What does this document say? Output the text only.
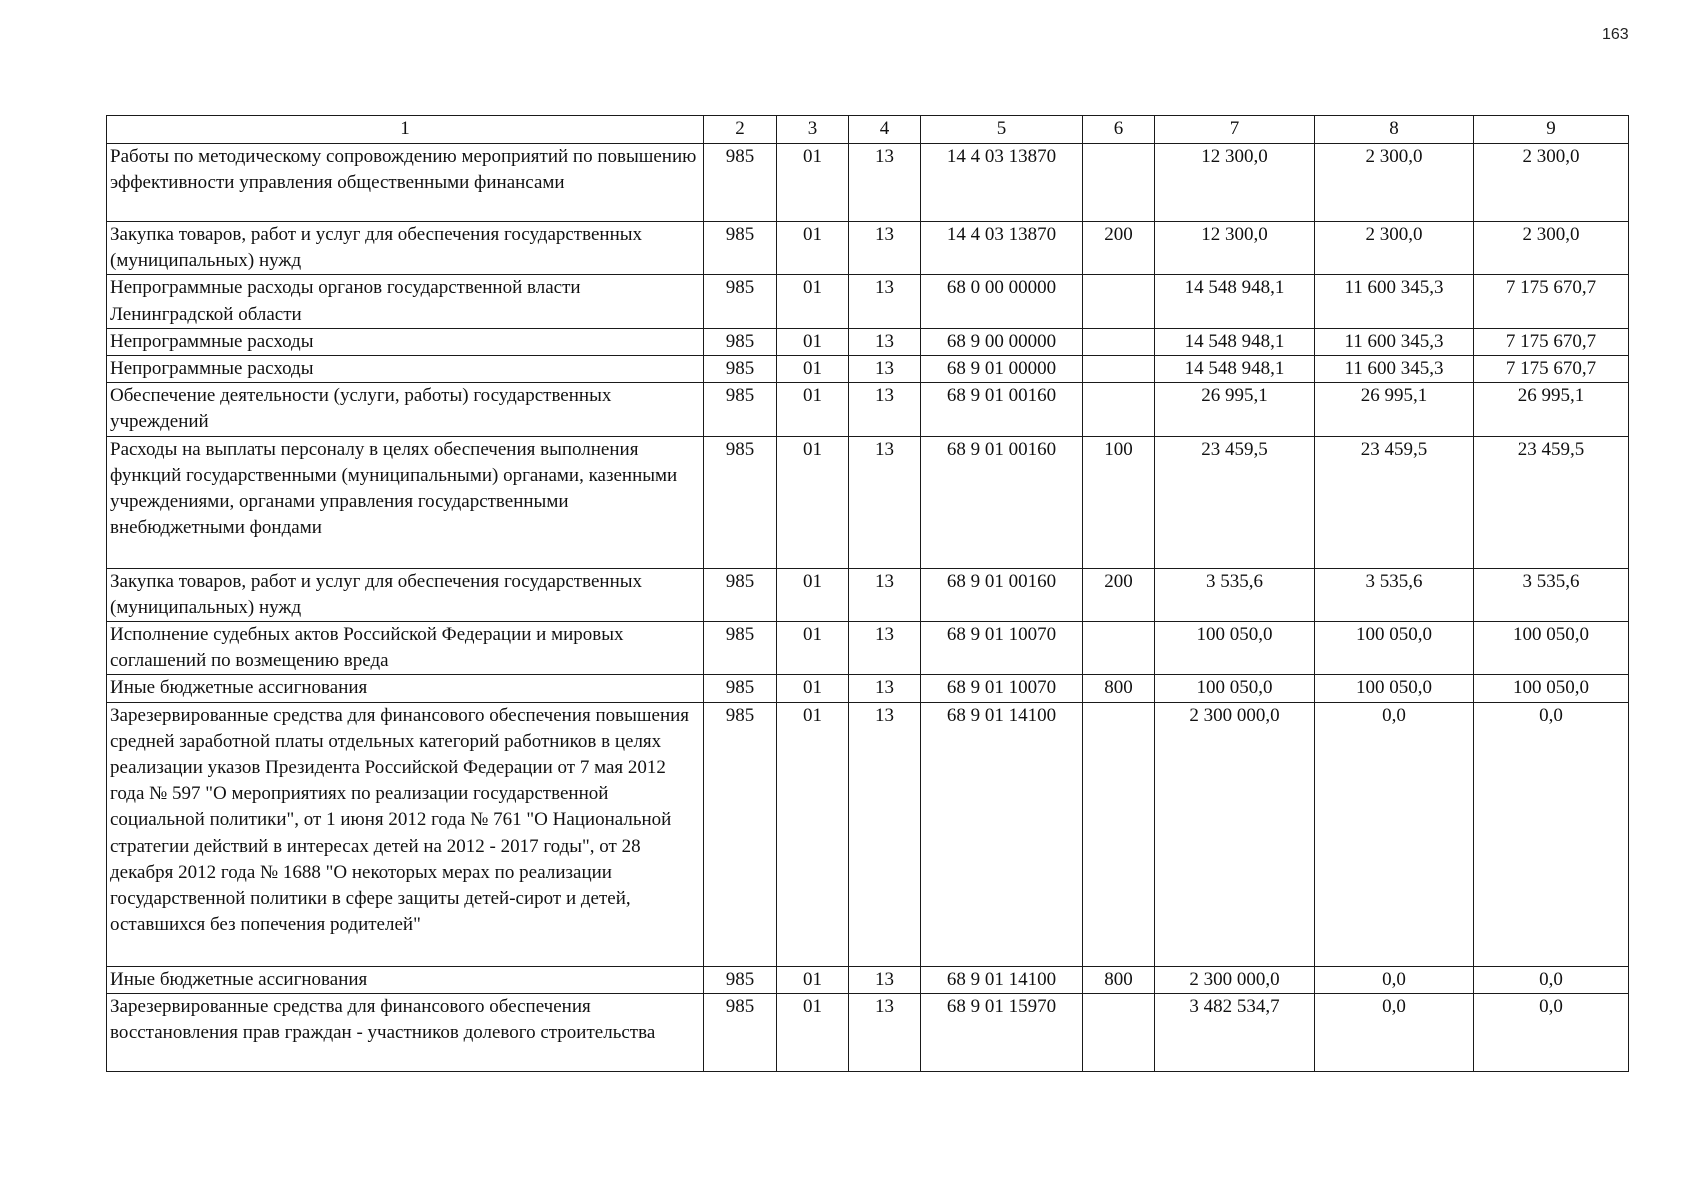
163
1	2	3	4	5	6	7	8	9
Работы по методическому сопровождению мероприятий по повышению эффективности управления общественными финансами	985	01	13	14 4 03 13870		12 300,0	2 300,0	2 300,0
Закупка товаров, работ и услуг для обеспечения государственных (муниципальных) нужд	985	01	13	14 4 03 13870	200	12 300,0	2 300,0	2 300,0
Непрограммные расходы органов государственной власти Ленинградской области	985	01	13	68 0 00 00000		14 548 948,1	11 600 345,3	7 175 670,7
Непрограммные расходы	985	01	13	68 9 00 00000		14 548 948,1	11 600 345,3	7 175 670,7
Непрограммные расходы	985	01	13	68 9 01 00000		14 548 948,1	11 600 345,3	7 175 670,7
Обеспечение деятельности (услуги, работы) государственных учреждений	985	01	13	68 9 01 00160		26 995,1	26 995,1	26 995,1
Расходы на выплаты персоналу в целях обеспечения выполнения функций государственными (муниципальными) органами, казенными учреждениями, органами управления государственными внебюджетными фондами	985	01	13	68 9 01 00160	100	23 459,5	23 459,5	23 459,5
Закупка товаров, работ и услуг для обеспечения государственных (муниципальных) нужд	985	01	13	68 9 01 00160	200	3 535,6	3 535,6	3 535,6
Исполнение судебных актов Российской Федерации и мировых соглашений по возмещению вреда	985	01	13	68 9 01 10070		100 050,0	100 050,0	100 050,0
Иные бюджетные ассигнования	985	01	13	68 9 01 10070	800	100 050,0	100 050,0	100 050,0
Зарезервированные средства для финансового обеспечения повышения средней заработной платы отдельных категорий работников в целях реализации указов Президента Российской Федерации от 7 мая 2012 года № 597 "О мероприятиях по реализации государственной социальной политики", от 1 июня 2012 года № 761 "О Национальной стратегии действий в интересах детей на 2012 - 2017 годы", от 28 декабря 2012 года № 1688 "О некоторых мерах по реализации государственной политики в сфере защиты детей-сирот и детей, оставшихся без попечения родителей"	985	01	13	68 9 01 14100		2 300 000,0	0,0	0,0
Иные бюджетные ассигнования	985	01	13	68 9 01 14100	800	2 300 000,0	0,0	0,0
Зарезервированные средства для финансового обеспечения восстановления прав граждан - участников долевого строительства	985	01	13	68 9 01 15970		3 482 534,7	0,0	0,0
